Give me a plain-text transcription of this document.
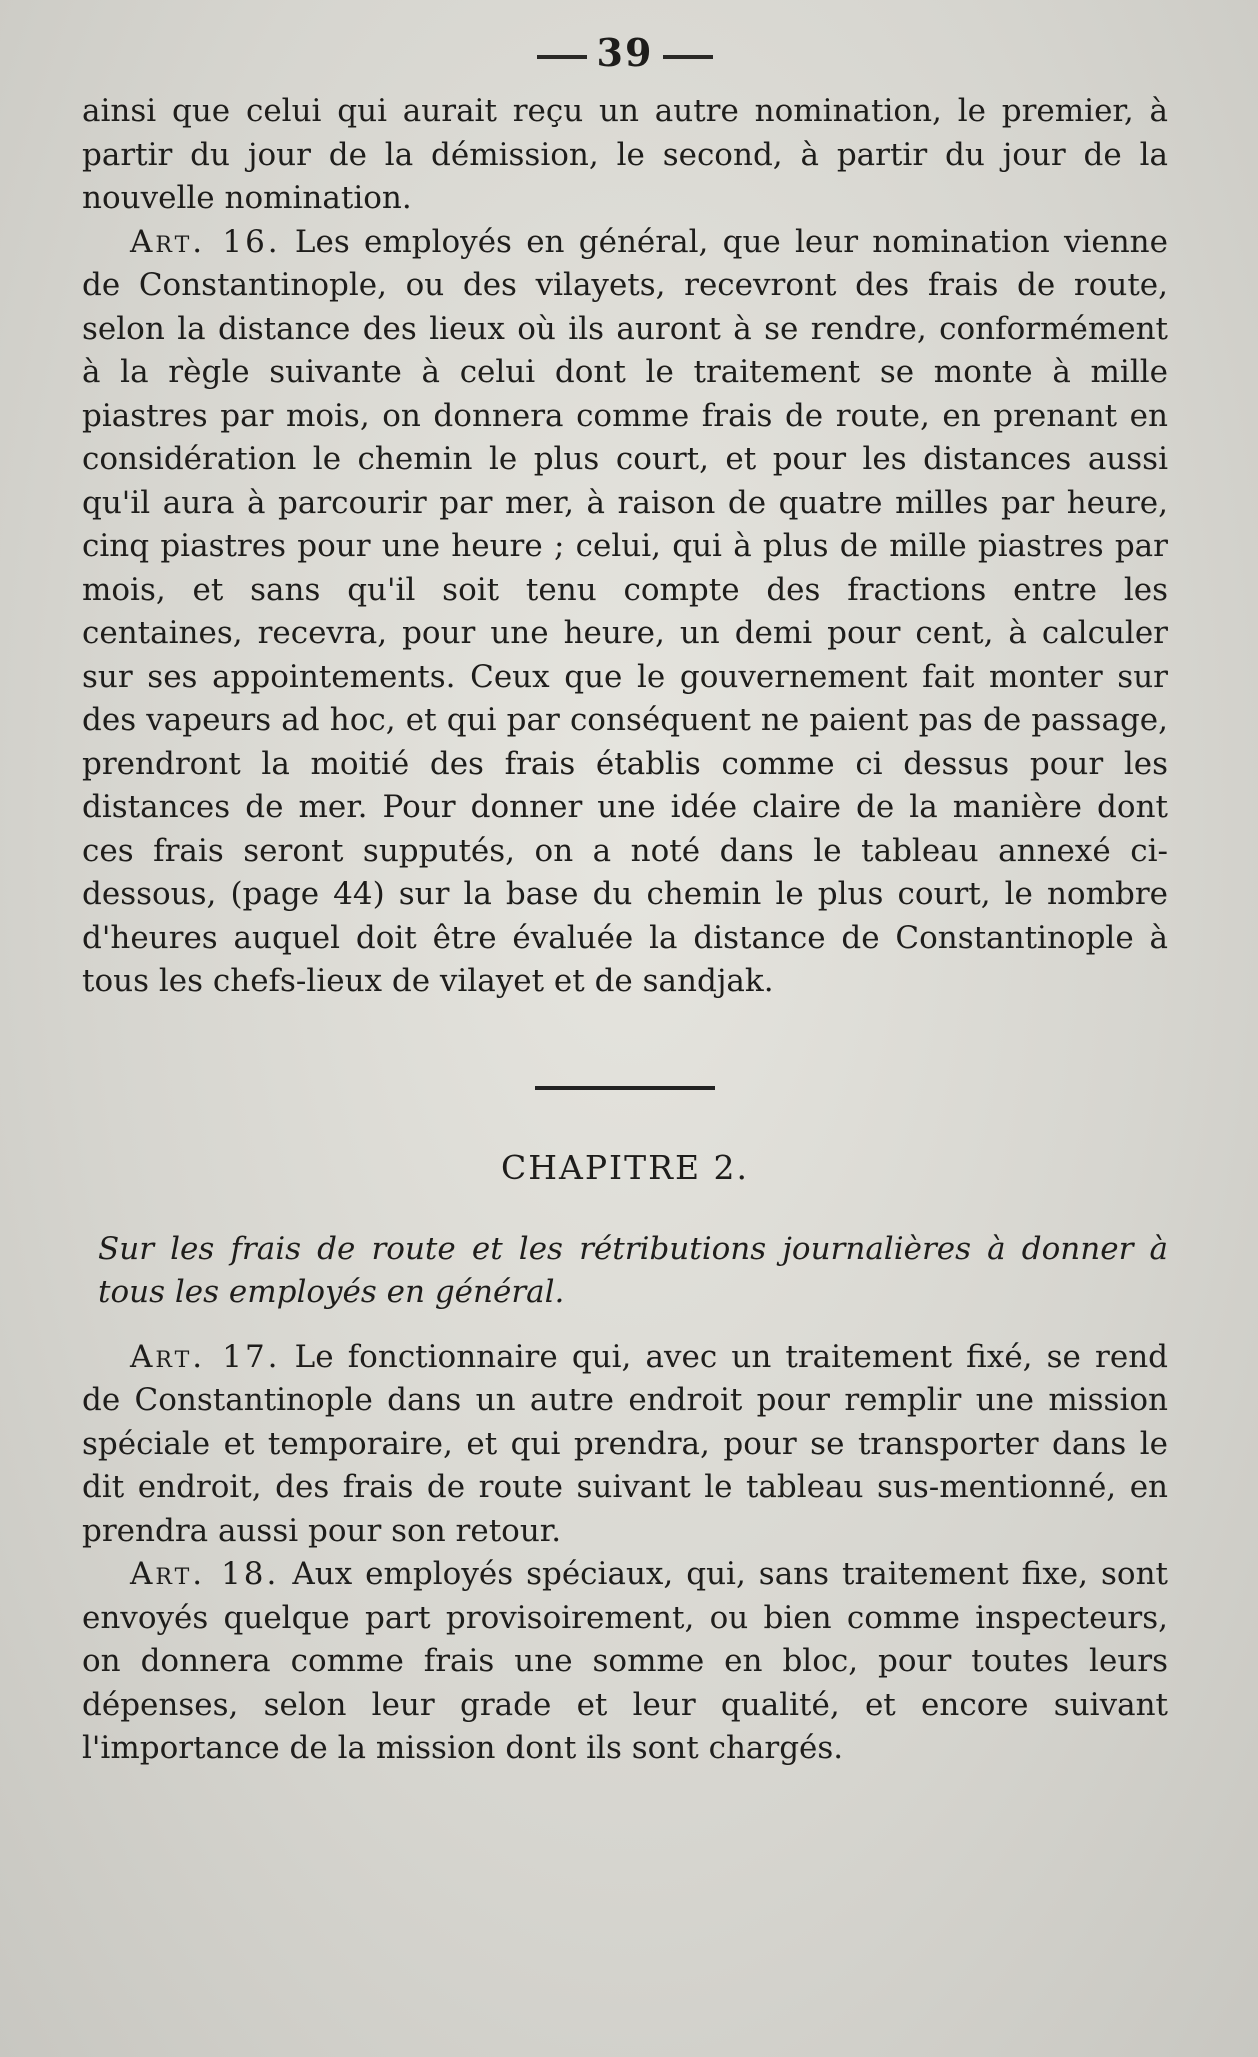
39

ainsi que celui qui aurait reçu un autre nomination, le premier, à partir du jour de la démission, le second, à partir du jour de la nouvelle nomination.

Art. 16. Les employés en général, que leur nomination vienne de Constantinople, ou des vilayets, recevront des frais de route, selon la distance des lieux où ils auront à se rendre, conformément à la règle suivante à celui dont le traitement se monte à mille piastres par mois, on donnera comme frais de route, en prenant en considération le chemin le plus court, et pour les distances aussi qu'il aura à parcourir par mer, à raison de quatre milles par heure, cinq piastres pour une heure ; celui, qui à plus de mille piastres par mois, et sans qu'il soit tenu compte des fractions entre les centaines, recevra, pour une heure, un demi pour cent, à calculer sur ses appointements. Ceux que le gouvernement fait monter sur des vapeurs ad hoc, et qui par conséquent ne paient pas de passage, prendront la moitié des frais établis comme ci dessus pour les distances de mer. Pour donner une idée claire de la manière dont ces frais seront supputés, on a noté dans le tableau annexé ci-dessous, (page 44) sur la base du chemin le plus court, le nombre d'heures auquel doit être évaluée la distance de Constantinople à tous les chefs-lieux de vilayet et de sandjak.

CHAPITRE 2.
Sur les frais de route et les rétributions journalières à donner à tous les employés en général.

Art. 17. Le fonctionnaire qui, avec un traitement fixé, se rend de Constantinople dans un autre endroit pour remplir une mission spéciale et temporaire, et qui prendra, pour se transporter dans le dit endroit, des frais de route suivant le tableau sus-mentionné, en prendra aussi pour son retour.

Art. 18. Aux employés spéciaux, qui, sans traitement fixe, sont envoyés quelque part provisoirement, ou bien comme inspecteurs, on donnera comme frais une somme en bloc, pour toutes leurs dépenses, selon leur grade et leur qualité, et encore suivant l'importance de la mission dont ils sont chargés.
